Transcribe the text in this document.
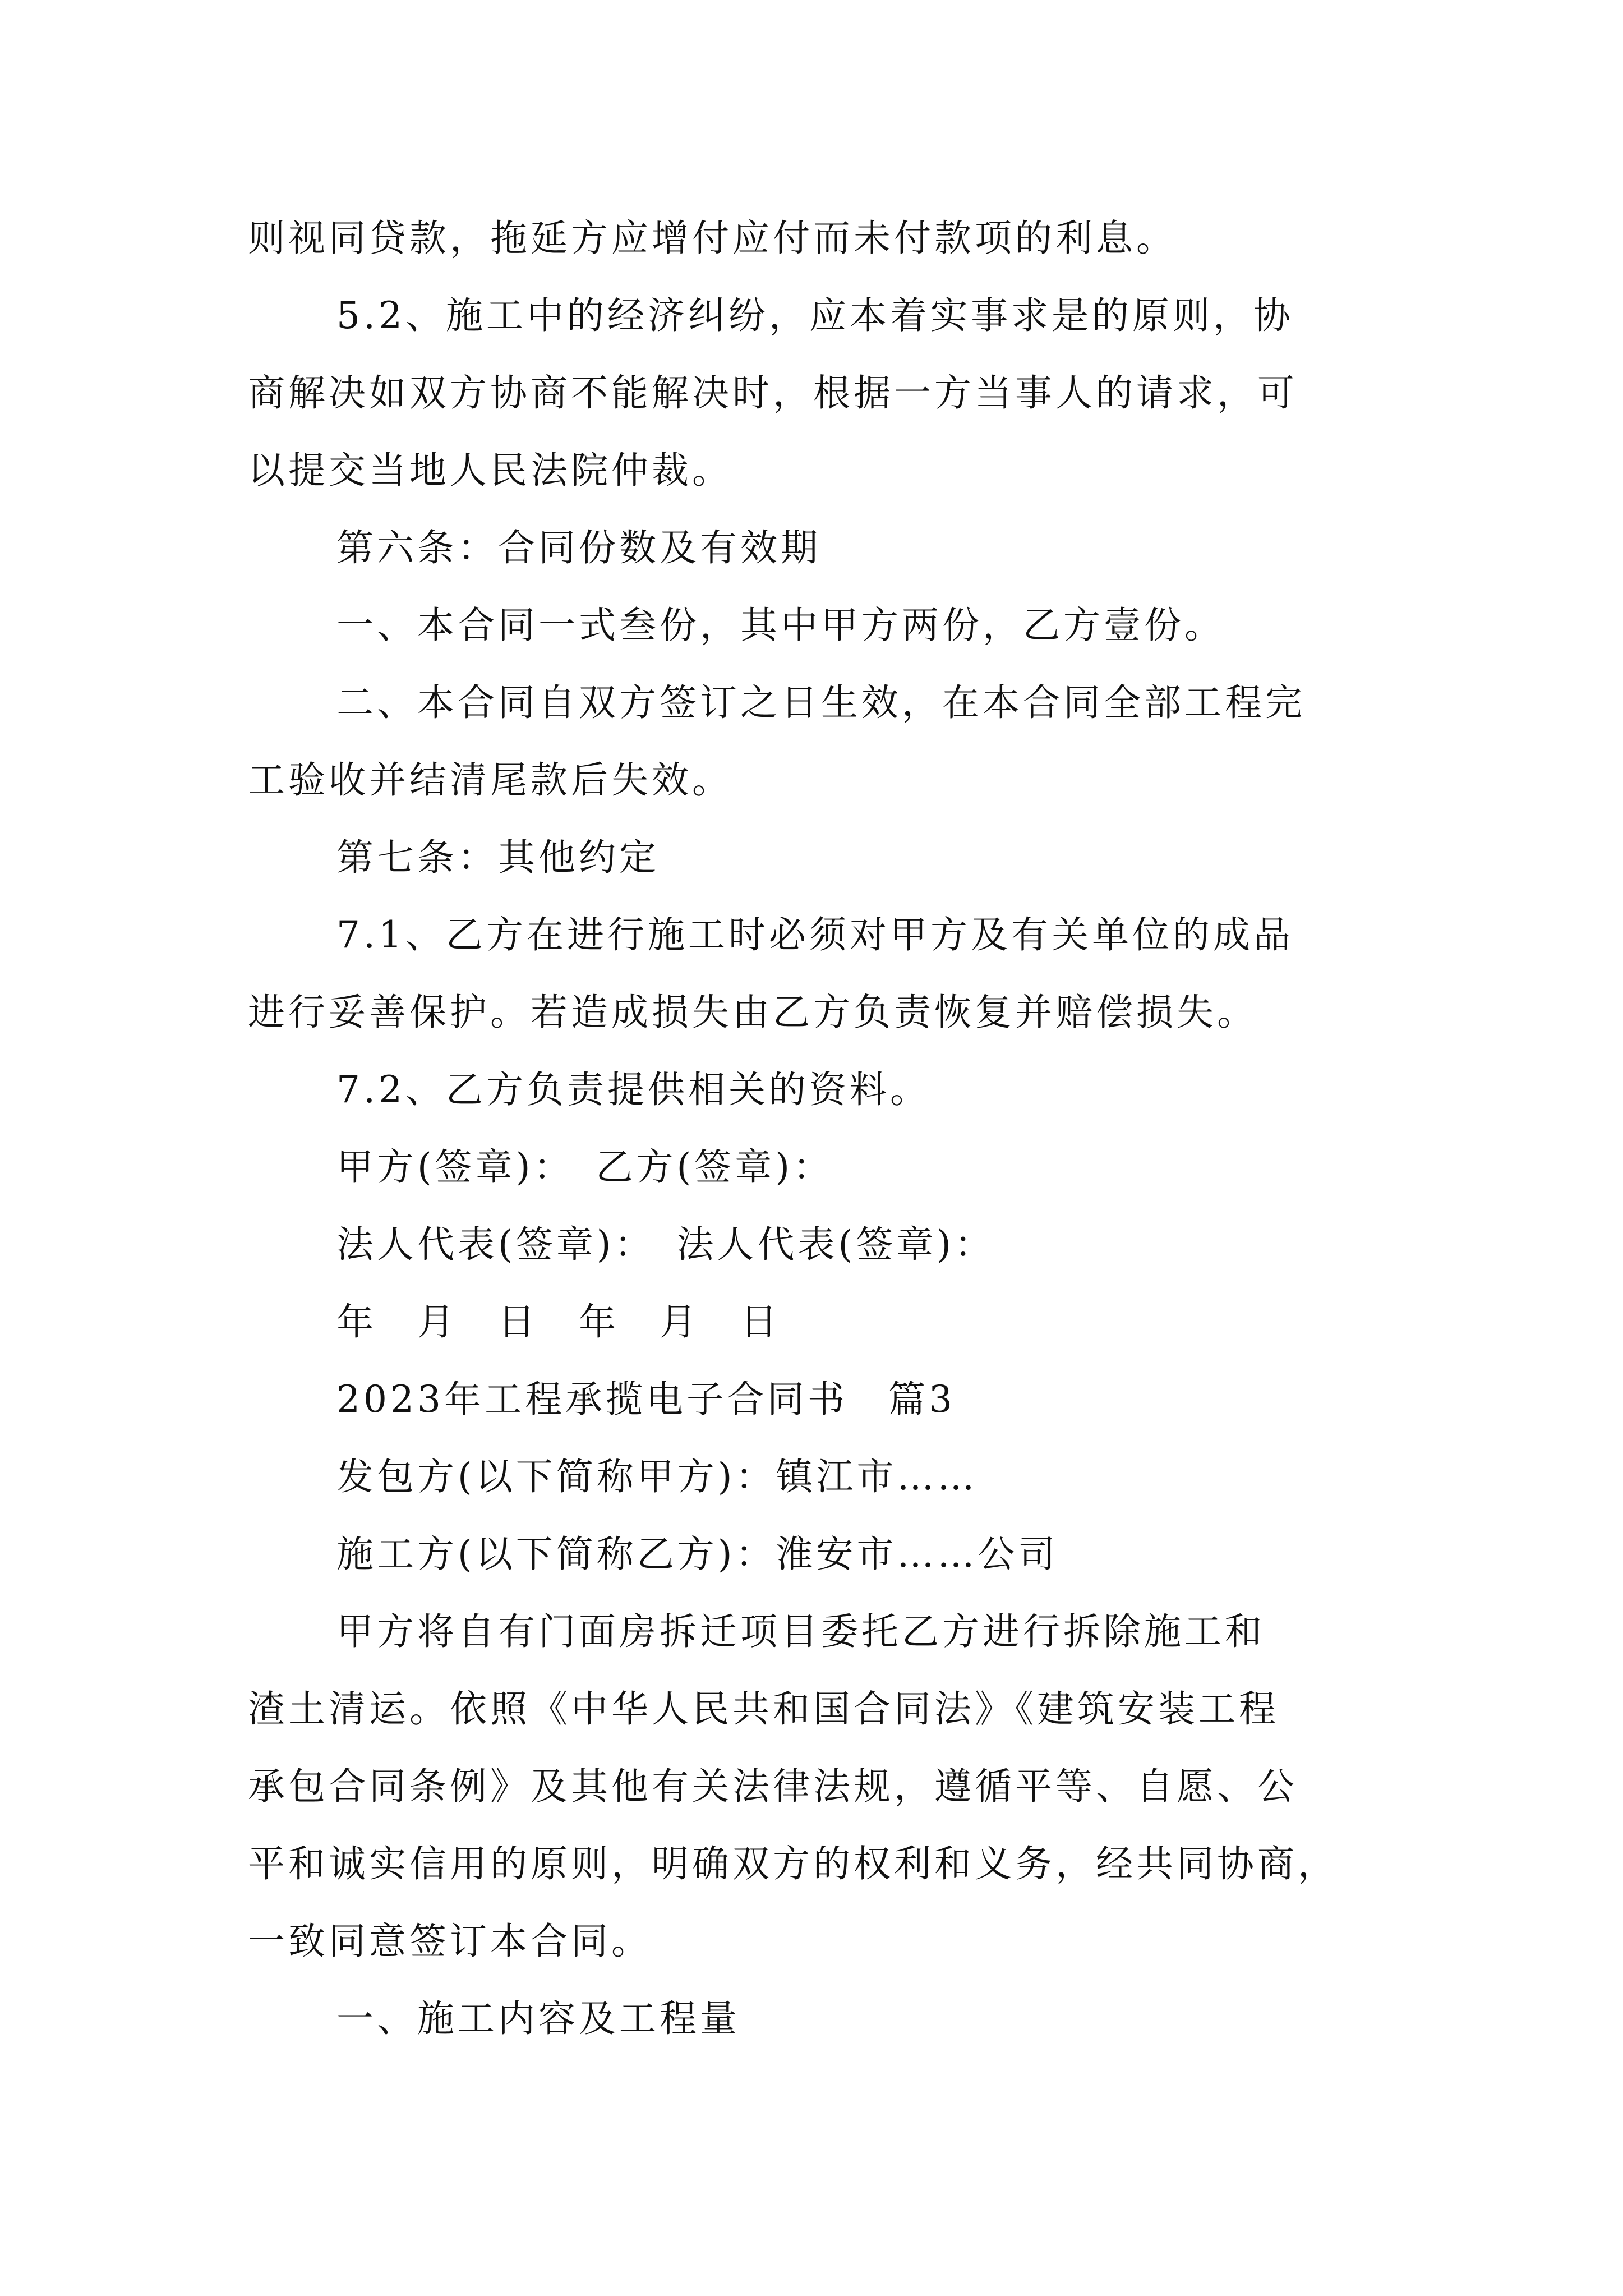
则视同贷款，拖延方应增付应付而未付款项的利息。
5.2、施工中的经济纠纷，应本着实事求是的原则，协
商解决如双方协商不能解决时，根据一方当事人的请求，可
以提交当地人民法院仲裁。
第六条：合同份数及有效期
一、本合同一式叁份，其中甲方两份，乙方壹份。
二、本合同自双方签订之日生效，在本合同全部工程完
工验收并结清尾款后失效。
第七条：其他约定
7.1、乙方在进行施工时必须对甲方及有关单位的成品
进行妥善保护。若造成损失由乙方负责恢复并赔偿损失。
7.2、乙方负责提供相关的资料。
甲方(签章)：　乙方(签章)：
法人代表(签章)：　法人代表(签章)：
年　月　日　年　月　日
2023年工程承揽电子合同书　篇3
发包方(以下简称甲方)：镇江市……
施工方(以下简称乙方)：淮安市……公司
甲方将自有门面房拆迁项目委托乙方进行拆除施工和
渣土清运。依照《中华人民共和国合同法》《建筑安装工程
承包合同条例》及其他有关法律法规，遵循平等、自愿、公
平和诚实信用的原则，明确双方的权利和义务，经共同协商，
一致同意签订本合同。
一、施工内容及工程量
